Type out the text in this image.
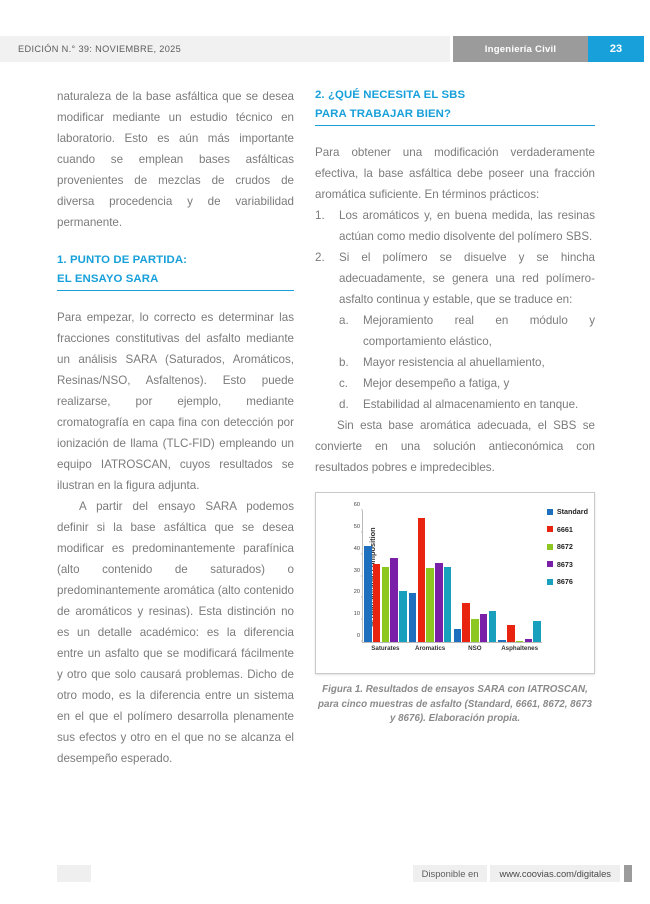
EDICIÓN N.° 39: NOVIEMBRE, 2025	Ingeniería Civil	23

naturaleza de la base asfáltica que se desea modificar mediante un estudio técnico en laboratorio. Esto es aún más importante cuando se emplean bases asfálticas provenientes de mezclas de crudos de diversa procedencia y de variabilidad permanente.

1. PUNTO DE PARTIDA:
EL ENSAYO SARA

Para empezar, lo correcto es determinar las fracciones constitutivas del asfalto mediante un análisis SARA (Saturados, Aromáticos, Resinas/NSO, Asfaltenos). Esto puede realizarse, por ejemplo, mediante cromatografía en capa fina con detección por ionización de llama (TLC-FID) empleando un equipo IATROSCAN, cuyos resultados se ilustran en la figura adjunta.

A partir del ensayo SARA podemos definir si la base asfáltica que se desea modificar es predominantemente parafínica (alto contenido de saturados) o predominantemente aromática (alto contenido de aromáticos y resinas). Esta distinción no es un detalle académico: es la diferencia entre un asfalto que se modificará fácilmente y otro que solo causará problemas. Dicho de otro modo, es la diferencia entre un sistema en el que el polímero desarrolla plenamente sus efectos y otro en el que no se alcanza el desempeño esperado.

2. ¿QUÉ NECESITA EL SBS
PARA TRABAJAR BIEN?

Para obtener una modificación verdaderamente efectiva, la base asfáltica debe poseer una fracción aromática suficiente. En términos prácticos:

1.	Los aromáticos y, en buena medida, las resinas actúan como medio disolvente del polímero SBS.
2.	Si el polímero se disuelve y se hincha adecuadamente, se genera una red polímero-asfalto continua y estable, que se traduce en:
a.	Mejoramiento real en módulo y comportamiento elástico,
b.	Mayor resistencia al ahuellamiento,
c.	Mejor desempeño a fatiga, y
d.	Estabilidad al almacenamiento en tanque.

Sin esta base aromática adecuada, el SBS se convierte en una solución antieconómica con resultados pobres e impredecibles.

composition
0
10
20
30
40
50
60
Saturates	Aromatics	NSO	Asphaltenes
Standard
6661
8672
8673
8676
Figura 1. Resultados de ensayos SARA con IATROSCAN, para cinco muestras de asfalto (Standard, 6661, 8672, 8673 y 8676). Elaboración propia.
Disponible en	www.coovias.com/digitales
